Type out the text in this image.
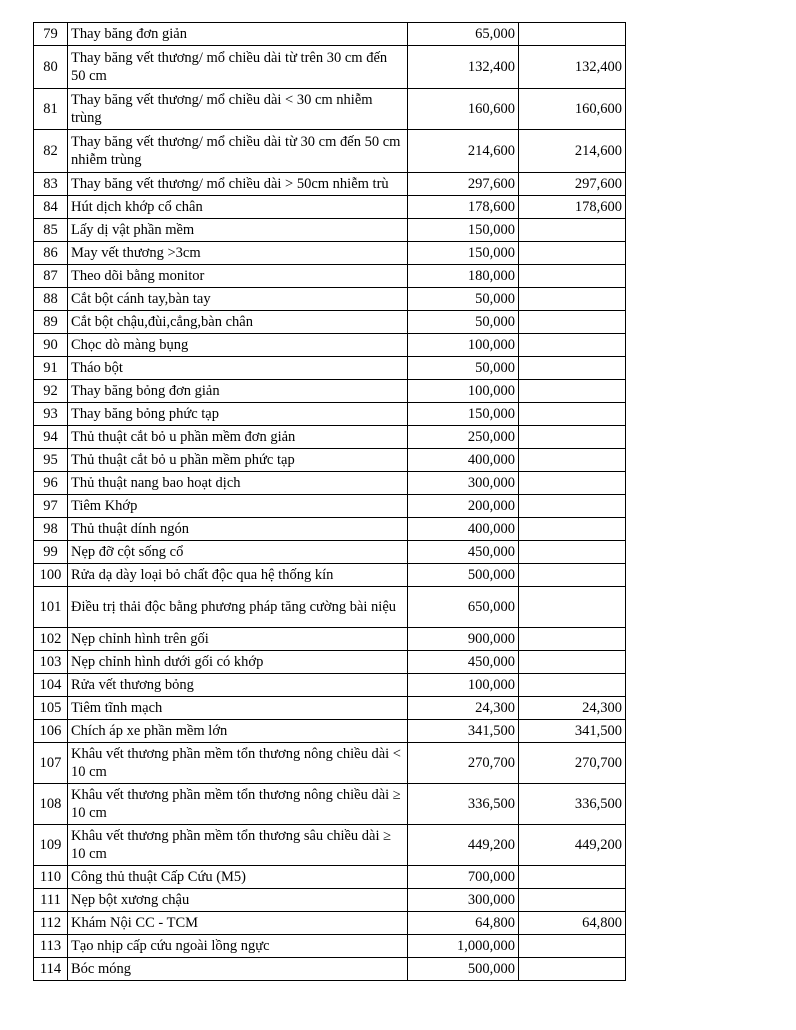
79	Thay băng đơn giản	65,000	
80	Thay băng vết thương/ mổ chiều dài từ trên 30 cm đến 50 cm	132,400	132,400
81	Thay băng vết thương/ mổ chiều dài < 30 cm nhiễm trùng	160,600	160,600
82	Thay băng vết thương/ mổ chiều dài từ 30 cm đến 50 cm nhiễm trùng	214,600	214,600
83	Thay băng vết thương/ mổ chiều dài > 50cm nhiễm trù	297,600	297,600
84	Hút dịch khớp cổ chân	178,600	178,600
85	Lấy dị vật phần mềm	150,000	
86	May vết thương >3cm	150,000	
87	Theo dõi bằng monitor	180,000	
88	Cắt bột cánh tay,bàn tay	50,000	
89	Cắt bột chậu,đùi,cẳng,bàn chân	50,000	
90	Chọc dò màng bụng	100,000	
91	Tháo bột	50,000	
92	Thay băng bỏng đơn giản	100,000	
93	Thay băng bỏng phức tạp	150,000	
94	Thủ thuật cắt bỏ u phần mềm đơn giản	250,000	
95	Thủ thuật cắt bỏ u phần mềm phức tạp	400,000	
96	Thủ thuật nang bao hoạt dịch	300,000	
97	Tiêm Khớp	200,000	
98	Thủ thuật dính ngón	400,000	
99	Nẹp đỡ cột sống cổ	450,000	
100	Rửa dạ dày loại bỏ chất độc qua hệ thống kín	500,000	
101	Điều trị thải độc bằng phương pháp tăng cường bài niệu	650,000	
102	Nẹp chỉnh hình trên gối	900,000	
103	Nẹp chỉnh hình dưới gối có khớp	450,000	
104	Rửa vết thương bỏng	100,000	
105	Tiêm tĩnh mạch	24,300	24,300
106	Chích áp xe phần mềm lớn	341,500	341,500
107	Khâu vết thương phần mềm tổn thương nông chiều dài < 10 cm	270,700	270,700
108	Khâu vết thương phần mềm tổn thương nông chiều dài ≥ 10 cm	336,500	336,500
109	Khâu vết thương phần mềm tổn thương sâu chiều dài ≥ 10 cm	449,200	449,200
110	Công thủ thuật Cấp Cứu (M5)	700,000	
111	Nẹp bột xương chậu	300,000	
112	Khám Nội CC - TCM	64,800	64,800
113	Tạo nhịp cấp cứu ngoài lồng ngực	1,000,000	
114	Bóc móng	500,000	
